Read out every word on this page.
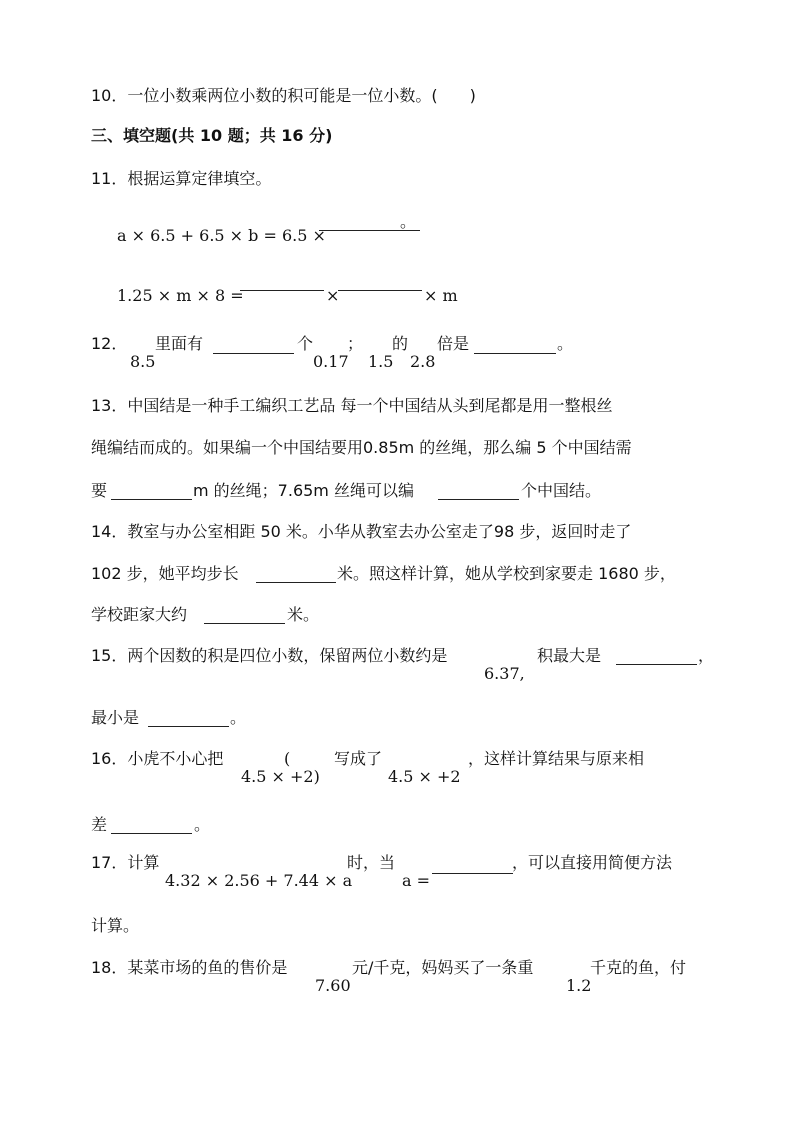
10．一位小数乘两位小数的积可能是一位小数。(　　)
三、填空题(共 10 题；共 16 分)
11．根据运算定律填空。
a × 6.5 + 6.5 × b = 6.5 ×
。
1.25 × m × 8 =	×	× m
12． 里面有	个 ； 的 倍是	。
8.5	0.17 1.5 2.8
13．中国结是一种手工编织工艺品 每一个中国结从头到尾都是用一整根丝
绳编结而成的。如果编一个中国结要用0.85m 的丝绳，那么编 5 个中国结需
要	m 的丝绳；7.65m 丝绳可以编	个中国结。
14．教室与办公室相距 50 米。小华从教室去办公室走了98 步，返回时走了
102 步，她平均步长	米。照这样计算，她从学校到家要走 1680 步，
学校距家大约	米。
15．两个因数的积是四位小数，保留两位小数约是
6.37,
积最大是	，
最小是	。
16．小虎不小心把	(
4.5 × +2)
写成了
4.5 × +2
，这样计算结果与原来相
差	。
17．计算
4.32 × 2.56 + 7.44 × a
时，当
a =
，可以直接用简便方法
计算。
18．某菜市场的鱼的售价是
7.60
元/千克，妈妈买了一条重
1.2
千克的鱼，付
